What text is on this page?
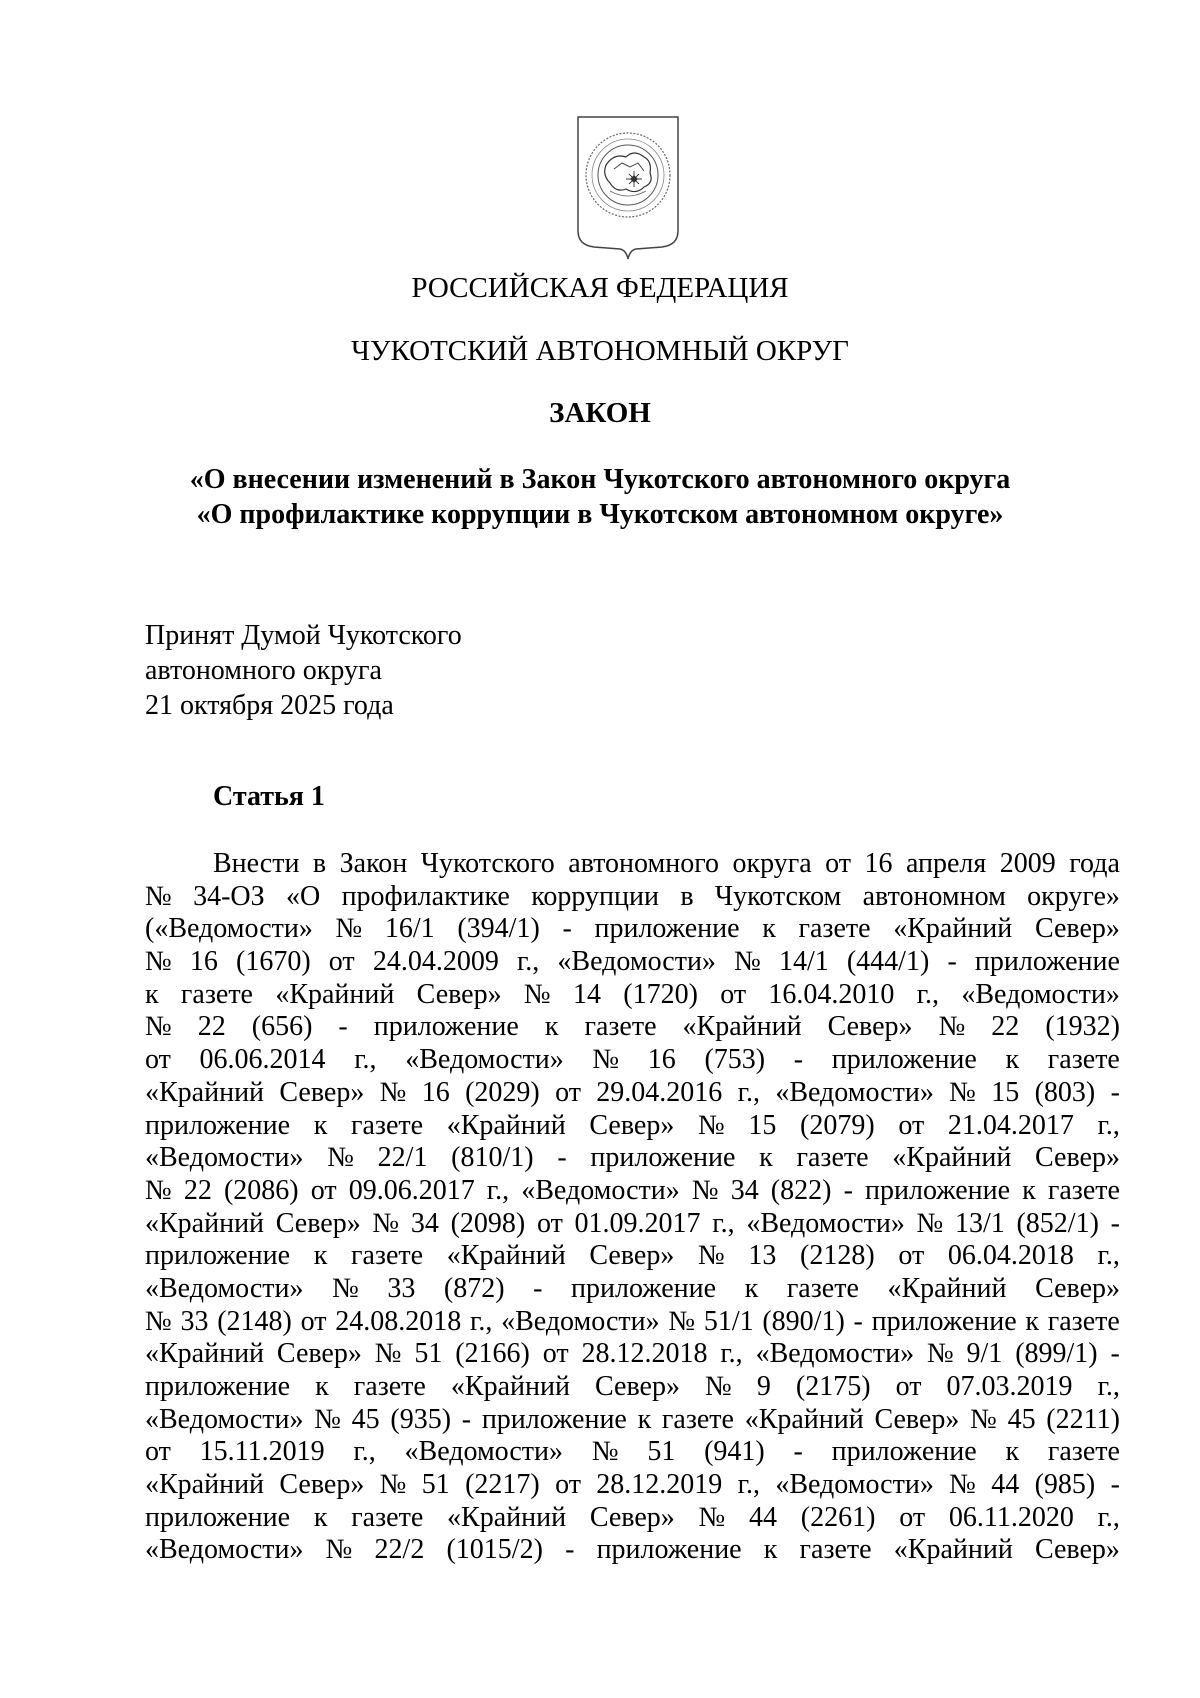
РОССИЙСКАЯ ФЕДЕРАЦИЯ
ЧУКОТСКИЙ АВТОНОМНЫЙ ОКРУГ
ЗАКОН
«О внесении изменений в Закон Чукотского автономного округа
«О профилактике коррупции в Чукотском автономном округе»
Принят Думой Чукотского
автономного округа
21 октября 2025 года
Статья 1
Внести в Закон Чукотского автономного округа от 16 апреля 2009 года
№ 34-ОЗ «О профилактике коррупции в Чукотском автономном округе»
(«Ведомости» № 16/1 (394/1) - приложение к газете «Крайний Север»
№ 16 (1670) от 24.04.2009 г., «Ведомости» № 14/1 (444/1) - приложение
к газете «Крайний Север» № 14 (1720) от 16.04.2010 г., «Ведомости»
№ 22 (656) - приложение к газете «Крайний Север» № 22 (1932)
от 06.06.2014 г., «Ведомости» № 16 (753) - приложение к газете
«Крайний Север» № 16 (2029) от 29.04.2016 г., «Ведомости» № 15 (803) -
приложение к газете «Крайний Север» № 15 (2079) от 21.04.2017 г.,
«Ведомости» № 22/1 (810/1) - приложение к газете «Крайний Север»
№ 22 (2086) от 09.06.2017 г., «Ведомости» № 34 (822) - приложение к газете
«Крайний Север» № 34 (2098) от 01.09.2017 г., «Ведомости» № 13/1 (852/1) -
приложение к газете «Крайний Север» № 13 (2128) от 06.04.2018 г.,
«Ведомости» № 33 (872) - приложение к газете «Крайний Север»
№ 33 (2148) от 24.08.2018 г., «Ведомости» № 51/1 (890/1) - приложение к газете
«Крайний Север» № 51 (2166) от 28.12.2018 г., «Ведомости» № 9/1 (899/1) -
приложение к газете «Крайний Север» № 9 (2175) от 07.03.2019 г.,
«Ведомости» № 45 (935) - приложение к газете «Крайний Север» № 45 (2211)
от 15.11.2019 г., «Ведомости» № 51 (941) - приложение к газете
«Крайний Север» № 51 (2217) от 28.12.2019 г., «Ведомости» № 44 (985) -
приложение к газете «Крайний Север» № 44 (2261) от 06.11.2020 г.,
«Ведомости» № 22/2 (1015/2) - приложение к газете «Крайний Север»
